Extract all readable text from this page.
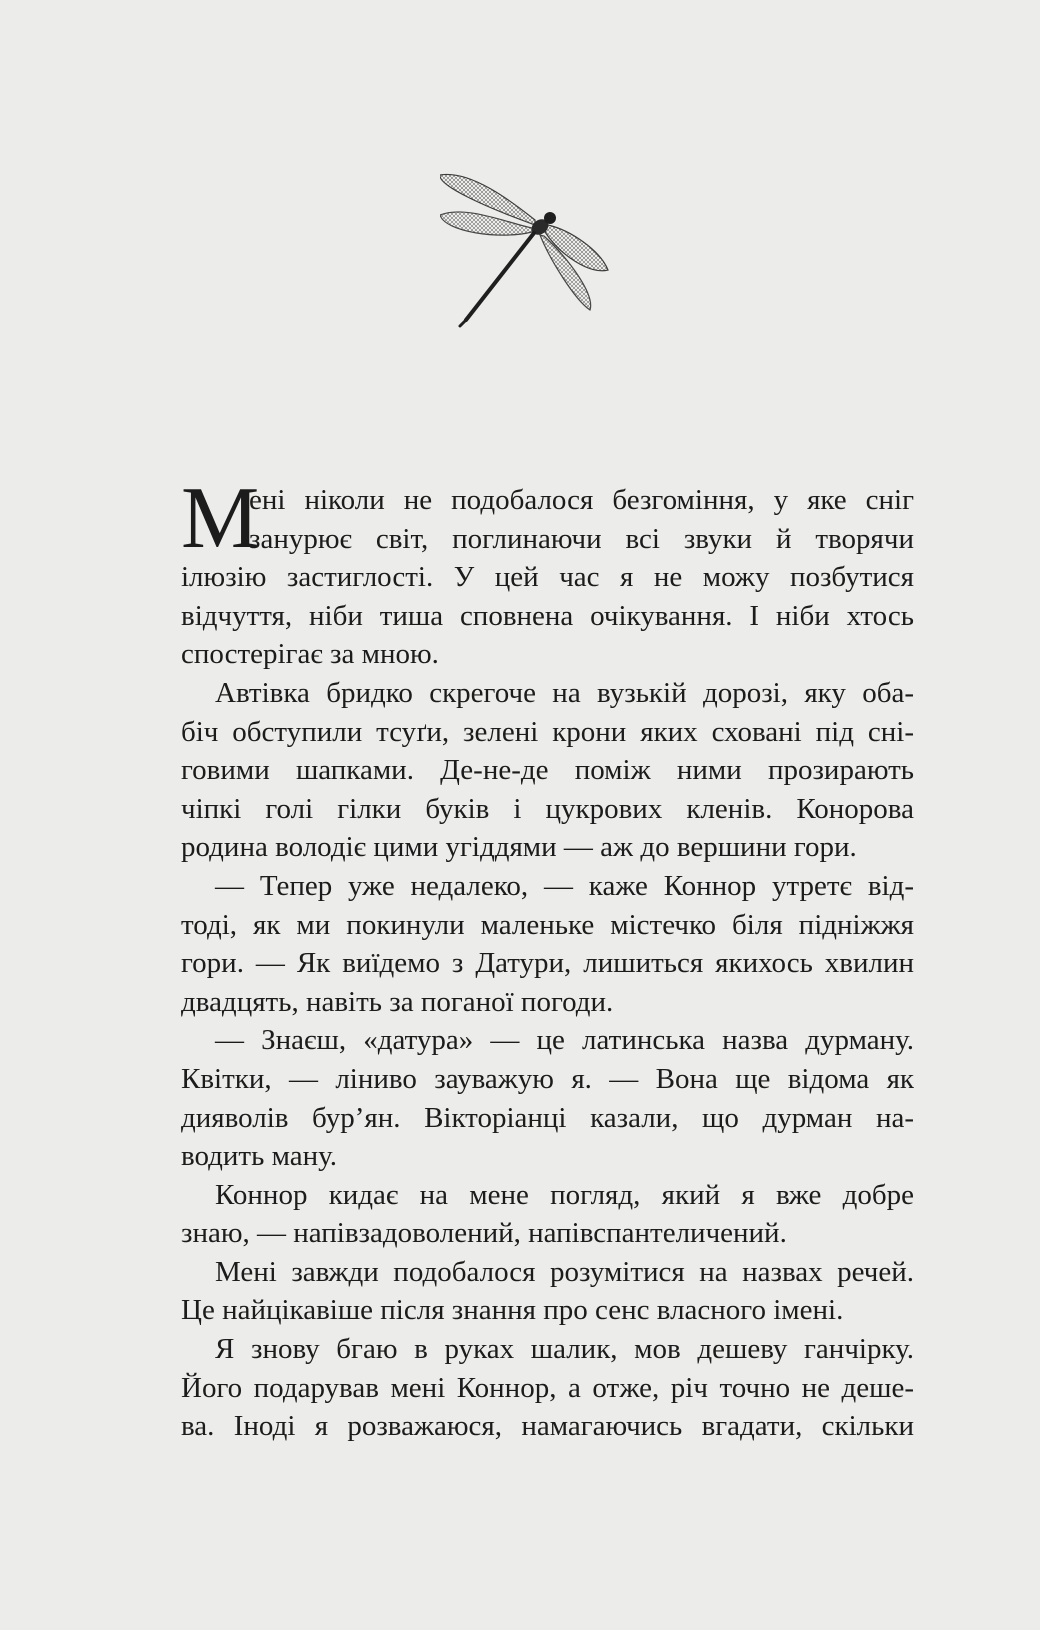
М
ені ніколи не подобалося безгоміння, у яке сніг
занурює світ, поглинаючи всі звуки й творячи
ілюзію застиглості. У цей час я не можу позбутися
відчуття, ніби тиша сповнена очікування. І ніби хтось
спостерігає за мною.
Автівка бридко скрегоче на вузькій дорозі, яку оба-
біч обступили тсуґи, зелені крони яких сховані під сні-
говими шапками. Де-не-де поміж ними прозирають
чіпкі голі гілки буків і цукрових кленів. Конорова
родина володіє цими угіддями — аж до вершини гори.
— Тепер уже недалеко, — каже Коннор утретє від-
тоді, як ми покинули маленьке містечко біля підніжжя
гори. — Як виїдемо з Датури, лишиться якихось хвилин
двадцять, навіть за поганої погоди.
— Знаєш, «датура» — це латинська назва дурману.
Квітки, — ліниво зауважую я. — Вона ще відома як
дияволів бур’ян. Вікторіанці казали, що дурман на-
водить ману.
Коннор кидає на мене погляд, який я вже добре
знаю, — напівзадоволений, напівспантеличений.
Мені завжди подобалося розумітися на назвах речей.
Це найцікавіше після знання про сенс власного імені.
Я знову бгаю в руках шалик, мов дешеву ганчірку.
Його подарував мені Коннор, а отже, річ точно не деше-
ва. Іноді я розважаюся, намагаючись вгадати, скільки
